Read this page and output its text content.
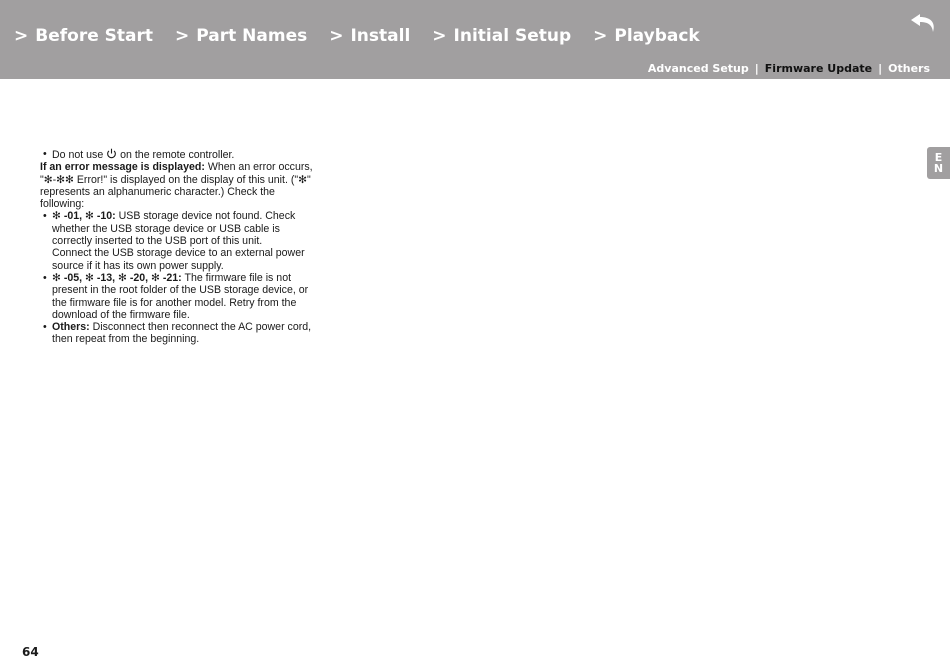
> Before Start > Part Names > Install > Initial Setup > Playback
Advanced Setup | Firmware Update | Others
E
N

• Do not use  on the remote controller.

If an error message is displayed: When an error occurs, "✻-✻✻ Error!" is displayed on the display of this unit. ("✻" represents an alphanumeric character.) Check the following:

• ✻ -01, ✻ -10: USB storage device not found. Check whether the USB storage device or USB cable is correctly inserted to the USB port of this unit.
Connect the USB storage device to an external power source if it has its own power supply.

• ✻ -05, ✻ -13, ✻ -20, ✻ -21: The firmware file is not present in the root folder of the USB storage device, or the firmware file is for another model. Retry from the download of the firmware file.

• Others: Disconnect then reconnect the AC power cord, then repeat from the beginning.

64
